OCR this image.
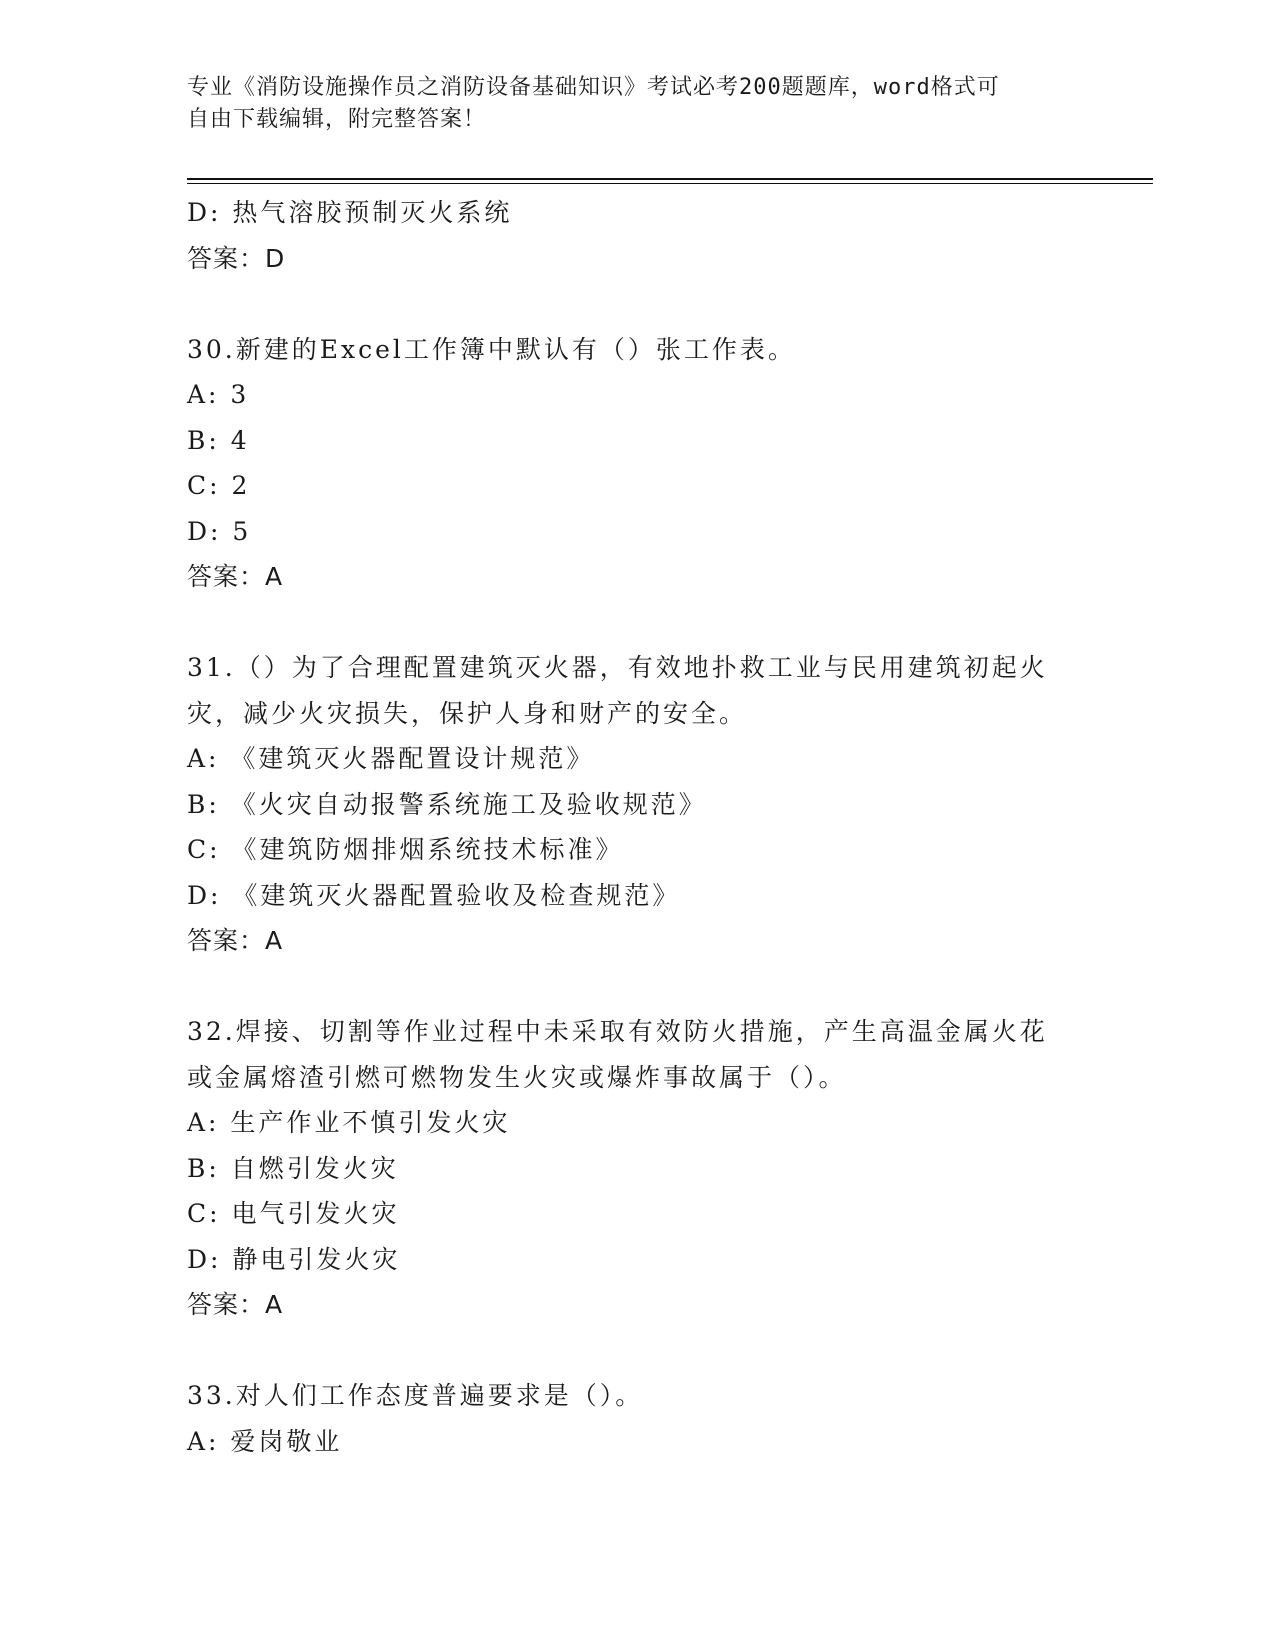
专业《消防设施操作员之消防设备基础知识》考试必考200题题库，word格式可
自由下载编辑，附完整答案！
D: 热气溶胶预制灭火系统
答案：D
30.新建的Excel工作簿中默认有（）张工作表。
A: 3
B: 4
C: 2
D: 5
答案：A
31.（）为了合理配置建筑灭火器，有效地扑救工业与民用建筑初起火
灾，减少火灾损失，保护人身和财产的安全。
A: 《建筑灭火器配置设计规范》
B: 《火灾自动报警系统施工及验收规范》
C: 《建筑防烟排烟系统技术标准》
D: 《建筑灭火器配置验收及检查规范》
答案：A
32.焊接、切割等作业过程中未采取有效防火措施，产生高温金属火花
或金属熔渣引燃可燃物发生火灾或爆炸事故属于（）。
A: 生产作业不慎引发火灾
B: 自燃引发火灾
C: 电气引发火灾
D: 静电引发火灾
答案：A
33.对人们工作态度普遍要求是（）。
A: 爱岗敬业
